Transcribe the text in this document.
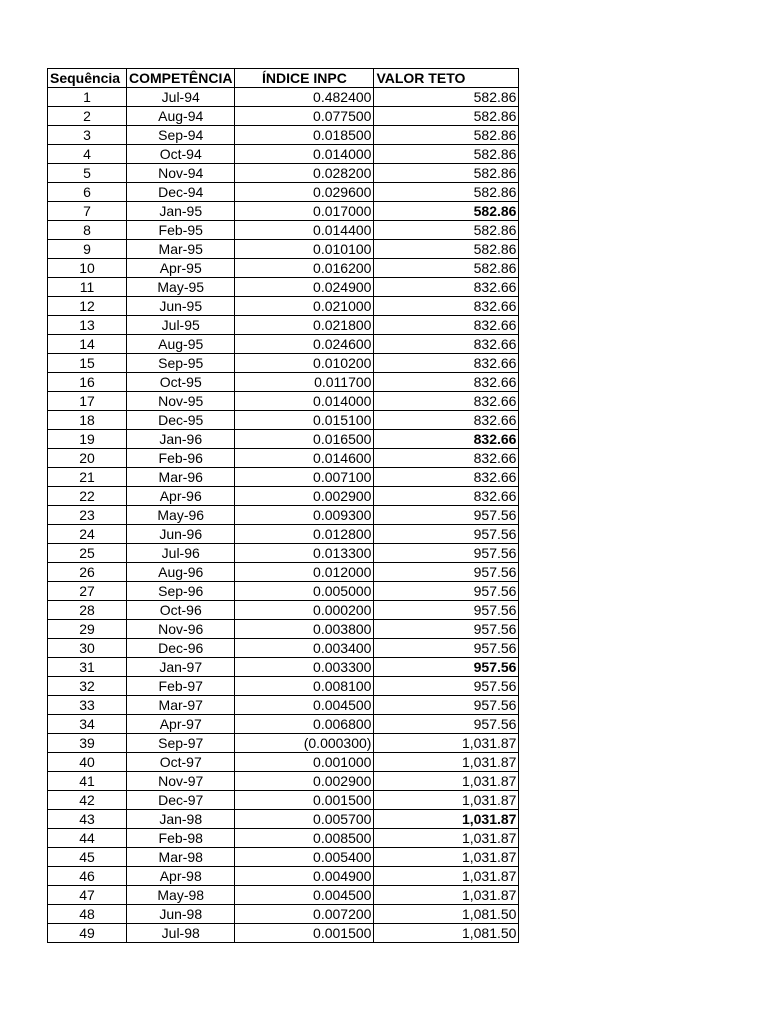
Sequência	COMPETÊNCIA	ÍNDICE INPC	VALOR TETO
1	Jul-94	0.482400	582.86
2	Aug-94	0.077500	582.86
3	Sep-94	0.018500	582.86
4	Oct-94	0.014000	582.86
5	Nov-94	0.028200	582.86
6	Dec-94	0.029600	582.86
7	Jan-95	0.017000	582.86
8	Feb-95	0.014400	582.86
9	Mar-95	0.010100	582.86
10	Apr-95	0.016200	582.86
11	May-95	0.024900	832.66
12	Jun-95	0.021000	832.66
13	Jul-95	0.021800	832.66
14	Aug-95	0.024600	832.66
15	Sep-95	0.010200	832.66
16	Oct-95	0.011700	832.66
17	Nov-95	0.014000	832.66
18	Dec-95	0.015100	832.66
19	Jan-96	0.016500	832.66
20	Feb-96	0.014600	832.66
21	Mar-96	0.007100	832.66
22	Apr-96	0.002900	832.66
23	May-96	0.009300	957.56
24	Jun-96	0.012800	957.56
25	Jul-96	0.013300	957.56
26	Aug-96	0.012000	957.56
27	Sep-96	0.005000	957.56
28	Oct-96	0.000200	957.56
29	Nov-96	0.003800	957.56
30	Dec-96	0.003400	957.56
31	Jan-97	0.003300	957.56
32	Feb-97	0.008100	957.56
33	Mar-97	0.004500	957.56
34	Apr-97	0.006800	957.56
39	Sep-97	(0.000300)	1,031.87
40	Oct-97	0.001000	1,031.87
41	Nov-97	0.002900	1,031.87
42	Dec-97	0.001500	1,031.87
43	Jan-98	0.005700	1,031.87
44	Feb-98	0.008500	1,031.87
45	Mar-98	0.005400	1,031.87
46	Apr-98	0.004900	1,031.87
47	May-98	0.004500	1,031.87
48	Jun-98	0.007200	1,081.50
49	Jul-98	0.001500	1,081.50
